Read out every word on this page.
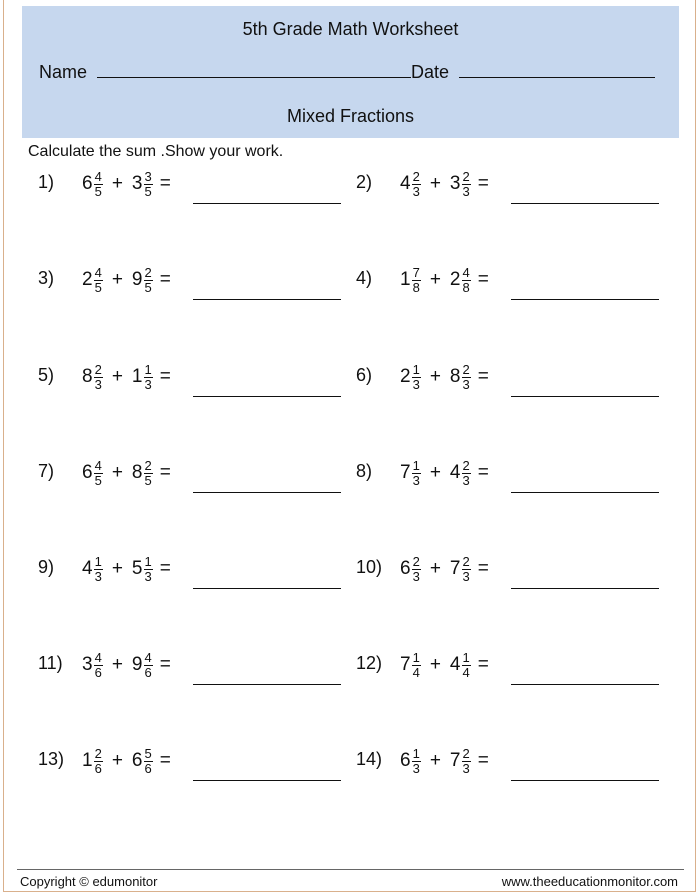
5th Grade Math Worksheet
Name	Date
Mixed Fractions
Calculate the sum .Show your work.
1) $6 \frac{4}{5} + 3 \frac{3}{5}$ =	2) $4 \frac{2}{3} + 3 \frac{2}{3}$ =
3) $2 \frac{4}{5} + 9 \frac{2}{5}$ =	4) $1 \frac{7}{8} + 2 \frac{4}{8}$ =
5) $8 \frac{2}{3} + 1 \frac{1}{3}$ =	6) $2 \frac{1}{3} + 8 \frac{2}{3}$ =
7) $6 \frac{4}{5} + 8 \frac{2}{5}$ =	8) $7 \frac{1}{3} + 4 \frac{2}{3}$ =
9) $4 \frac{1}{3} + 5 \frac{1}{3}$ =	10) $6 \frac{2}{3} + 7 \frac{2}{3}$ =
11) $3 \frac{4}{6} + 9 \frac{4}{6}$ =	12) $7 \frac{1}{4} + 4 \frac{1}{4}$ =
13) $1 \frac{2}{6} + 6 \frac{5}{6}$ =	14) $6 \frac{1}{3} + 7 \frac{2}{3}$ =
Copyright © edumonitor	www.theeducationmonitor.com
